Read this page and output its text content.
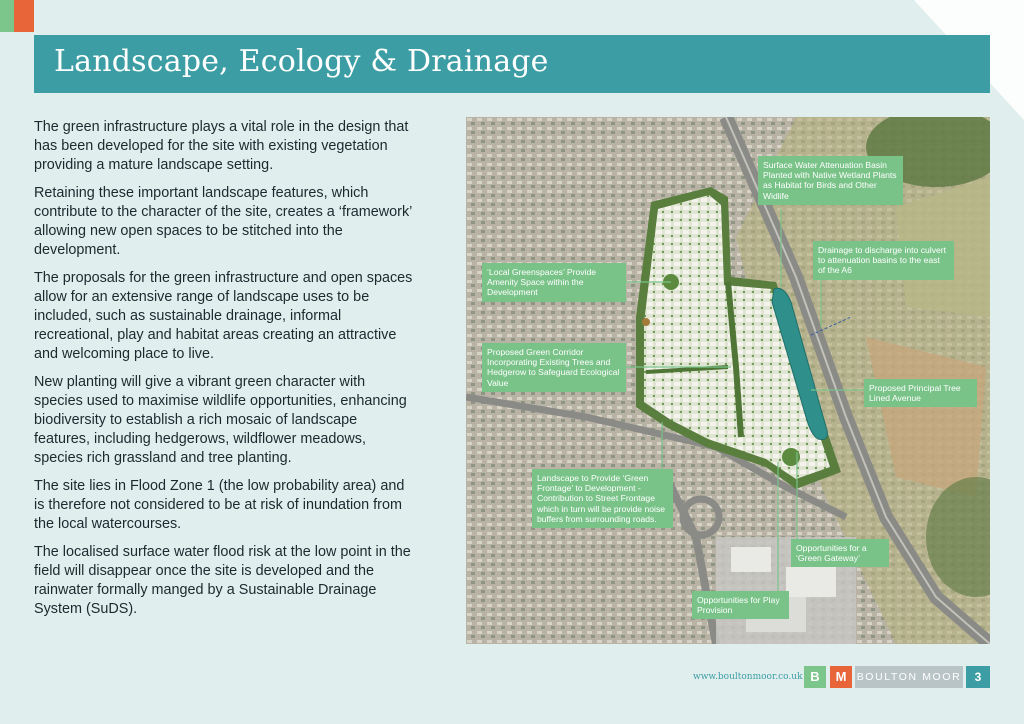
Landscape, Ecology & Drainage

The green infrastructure plays a vital role in the design that has been developed for the site with existing vegetation providing a mature landscape setting.

Retaining these important landscape features, which contribute to the character of the site, creates a ‘framework’ allowing new open spaces to be stitched into the development.

The proposals for the green infrastructure and open spaces allow for an extensive range of landscape uses to be included, such as sustainable drainage, informal recreational, play and habitat areas creating an attractive and welcoming place to live.

New planting will give a vibrant green character with species used to maximise wildlife opportunities, enhancing biodiversity to establish a rich mosaic of landscape features, including hedgerows, wildflower meadows, species rich grassland and tree planting.

The site lies in Flood Zone 1 (the low probability area) and is therefore not considered to be at risk of inundation from the local watercourses.

The localised surface water flood risk at the low point in the field will disappear once the site is developed and the rainwater formally manged by a Sustainable Drainage System (SuDS).

Surface Water Attenuation Basin Planted with Native Wetland Plants as Habitat for Birds and Other Widlife
Drainage to discharge into culvert to attenuation basins to the east of the A6
‘Local Greenspaces’ Provide Amenity Space within the Development
Proposed Green Corridor Incorporating Existing Trees and Hedgerow to Safeguard Ecological Value
Proposed Principal Tree Lined Avenue
Landscape to Provide ‘Green Frontage’ to Development - Contribution to Street Frontage which in turn will be provide noise buffers from surrounding roads.
Opportunities for a ‘Green Gateway’
Opportunities for Play Provision
www.boultonmoor.co.uk B	M BOULTON MOOR	3
